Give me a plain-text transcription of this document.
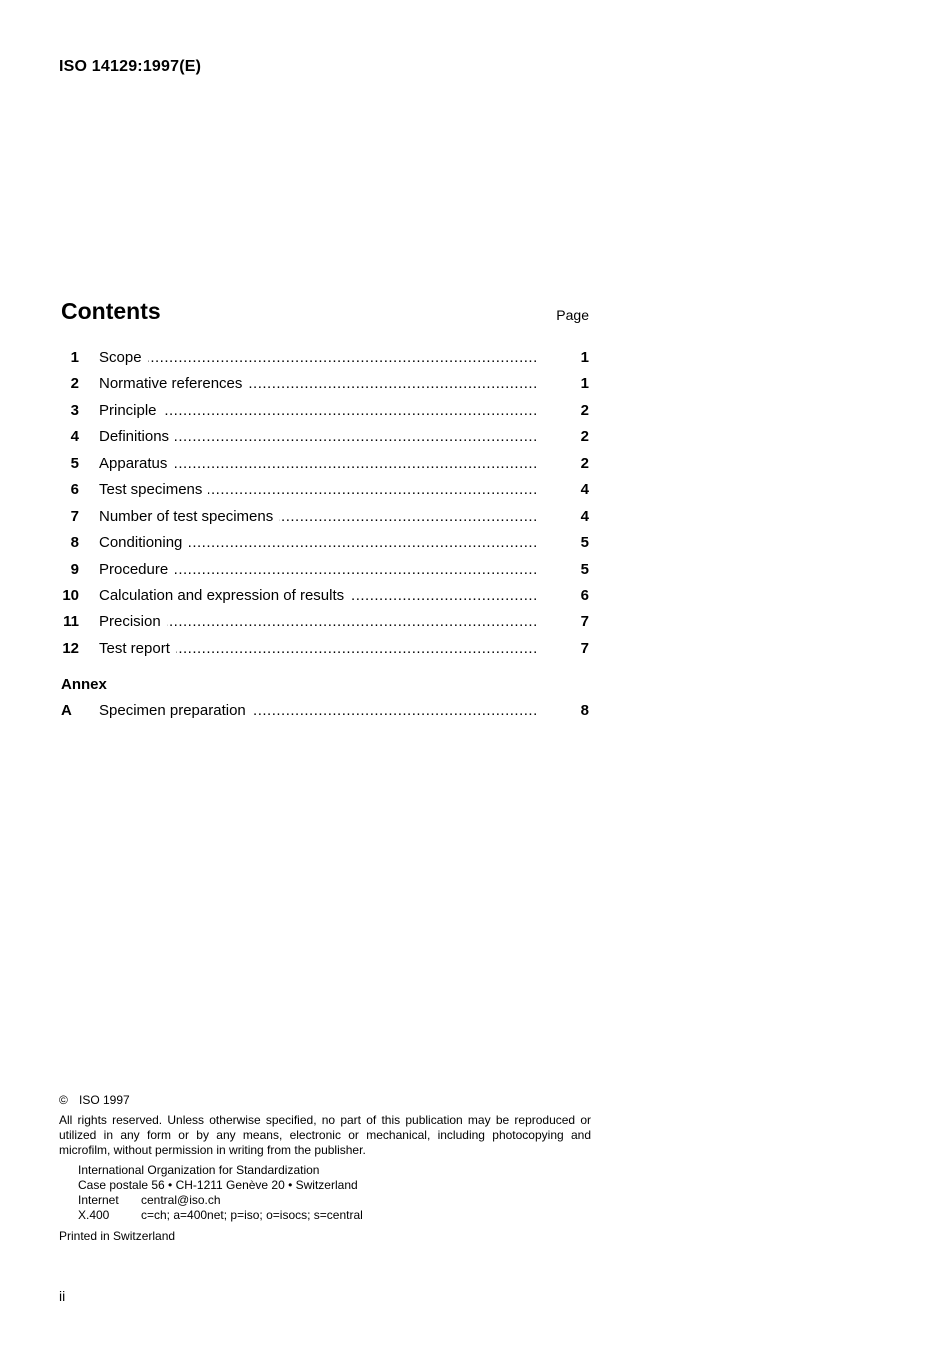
ISO 14129:1997(E)
Contents	Page
1 Scope .....	1
2 Normative references .....	1
3 Principle .....	2
4 Definitions .....	2
5 Apparatus .....	2
6 Test specimens .....	4
7 Number of test specimens .....	4
8 Conditioning .....	5
9 Procedure .....	5
10 Calculation and expression of results .....	6
11 Precision .....	7
12 Test report .....	7
Annex
A	Specimen preparation .....	8
© ISO 1997
All rights reserved. Unless otherwise specified, no part of this publication may be reproduced or utilized in any form or by any means, electronic or mechanical, including photocopying and microfilm, without permission in writing from the publisher.
International Organization for Standardization
Case postale 56 • CH-1211 Genève 20 • Switzerland
Internet central@iso.ch
X.400	c=ch; a=400net; p=iso; o=isocs; s=central
Printed in Switzerland
ii
